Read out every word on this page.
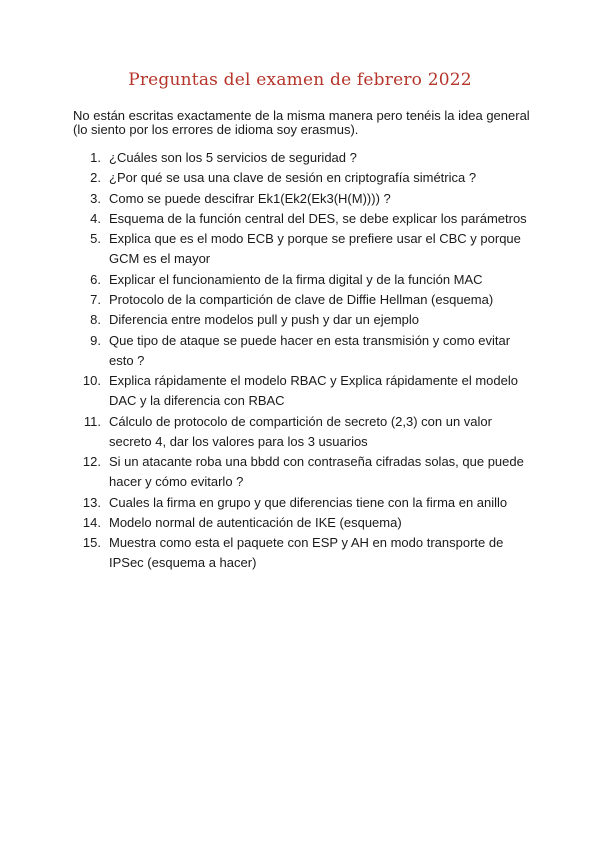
Preguntas del examen de febrero 2022
No están escritas exactamente de la misma manera pero tenéis la idea general (lo siento por los errores de idioma soy erasmus).
1. ¿Cuáles son los 5 servicios de seguridad ?
2. ¿Por qué se usa una clave de sesión en criptografía simétrica ?
3. Como se puede descifrar Ek1(Ek2(Ek3(H(M)))) ?
4. Esquema de la función central del DES, se debe explicar los parámetros
5. Explica que es el modo ECB y porque se prefiere usar el CBC y porque GCM es el mayor
6. Explicar el funcionamiento de la firma digital y de la función MAC
7. Protocolo de la compartición de clave de Diffie Hellman (esquema)
8. Diferencia entre modelos pull y push y dar un ejemplo
9. Que tipo de ataque se puede hacer en esta transmisión y como evitar esto ?
10. Explica rápidamente el modelo RBAC y Explica rápidamente el modelo DAC y la diferencia con RBAC
11. Cálculo de protocolo de compartición de secreto (2,3) con un valor secreto 4, dar los valores para los 3 usuarios
12. Si un atacante roba una bbdd con contraseña cifradas solas, que puede hacer y cómo evitarlo ?
13. Cuales la firma en grupo y que diferencias tiene con la firma en anillo
14. Modelo normal de autenticación de IKE (esquema)
15. Muestra como esta el paquete con ESP y AH en modo transporte de IPSec (esquema a hacer)
